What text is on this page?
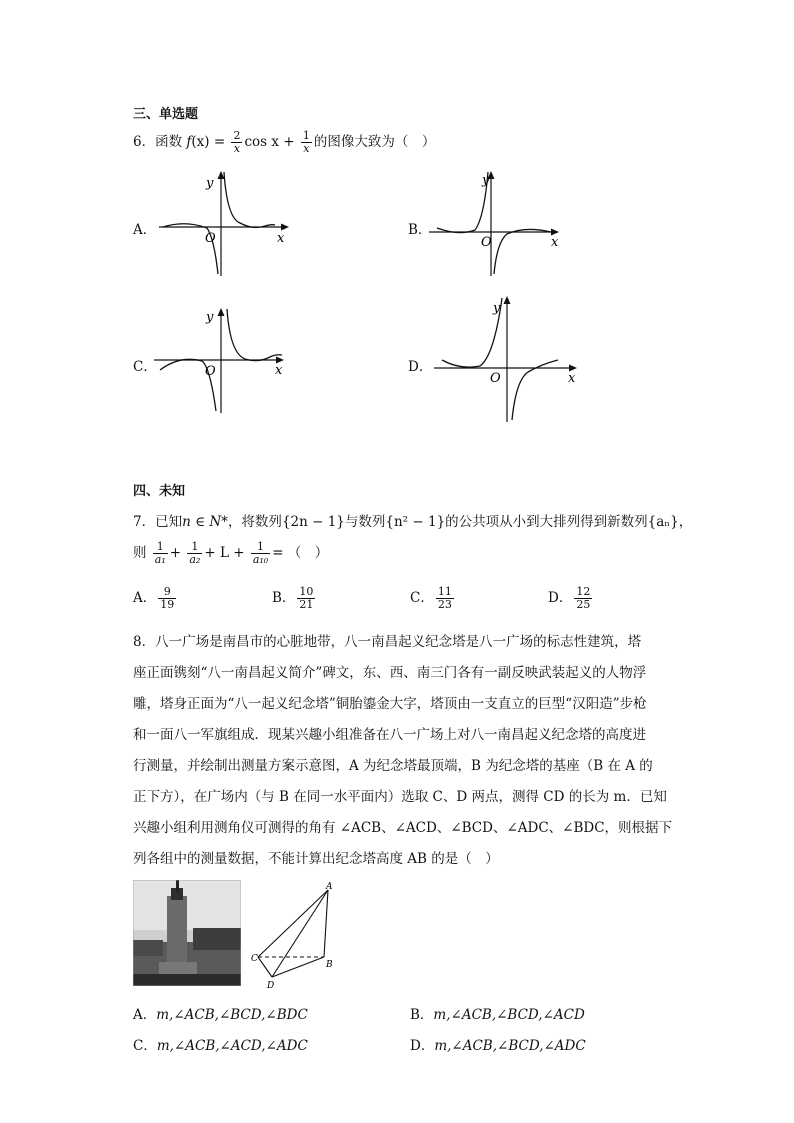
三、单选题
6．函数 $f(x) = \frac{2}{x}$ $\cos x + \frac{1}{x}$ 的图像大致为（　）
A．
y
O	x
B．
y
O	x
C．
y
O	x	D．
O	x
y
四、未知
7．已知n ∈ N*，将数列{2n − 1}与数列{n² − 1}的公共项从小到大排列得到新数列{aₙ}，
则 $\frac{1}{\text{a₁}} + \frac{1}{\text{a₂}} + L + \frac{1}{\text{a₁₀}}$ = （　）
A． $\frac{9}{19}$	B． $\frac{10}{21}$	C． $\frac{11}{23}$	D． $\frac{12}{25}$
8．八一广场是南昌市的心脏地带，八一南昌起义纪念塔是八一广场的标志性建筑，塔
座正面镌刻“八一南昌起义简介”碑文，东、西、南三门各有一副反映武装起义的人物浮
雕，塔身正面为“八一起义纪念塔”铜胎鎏金大字，塔顶由一支直立的巨型“汉阳造”步枪
和一面八一军旗组成．现某兴趣小组准备在八一广场上对八一南昌起义纪念塔的高度进
行测量，并绘制出测量方案示意图，A 为纪念塔最顶端，B 为纪念塔的基座（B 在 A 的
正下方），在广场内（与 B 在同一水平面内）选取 C、D 两点，测得 CD 的长为 m．已知
兴趣小组利用测角仪可测得的角有 ∠ACB、∠ACD、∠BCD、∠ADC、∠BDC，则根据下
列各组中的测量数据，不能计算出纪念塔高度 AB 的是（　）
A
B
C
D
A．m,∠ACB,∠BCD,∠BDC	B．m,∠ACB,∠BCD,∠ACD
C．m,∠ACB,∠ACD,∠ADC	D．m,∠ACB,∠BCD,∠ADC
